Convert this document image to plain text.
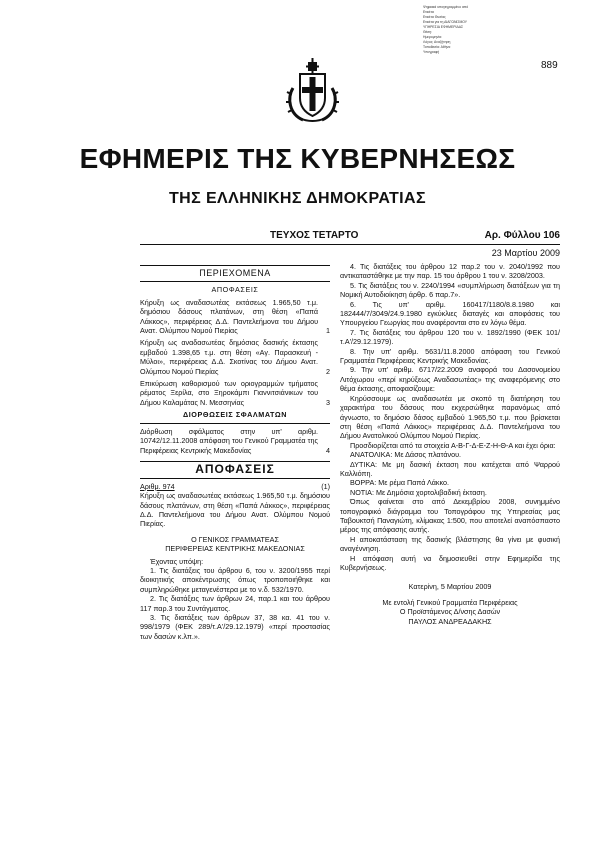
Ψηφιακά υπογεγραμμένο από
Ετικέτα
Ετικέτα Θυσίας
Ετικέτα για τη ΔΙΑΓΩΝΙΣΜΟΥ
ΥΠΗΡΕΣΙΑ ΕΦΗΜΕΡΙΔΑΣ
Θέση:
Ημερομηνία:
Λόγος: Αναζήτηση
Τοποθεσία: Αθήνα
Υπογραφή
889
ΕΦΗΜΕΡΙΣ ΤΗΣ ΚΥΒΕΡΝΗΣΕΩΣ
ΤΗΣ ΕΛΛΗΝΙΚΗΣ ΔΗΜΟΚΡΑΤΙΑΣ
ΤΕΥΧΟΣ ΤΕΤΑΡΤΟ	Αρ. Φύλλου 106
23 Μαρτίου 2009
ΠΕΡΙΕΧΟΜΕΝΑ
ΑΠΟΦΑΣΕΙΣ
Κήρυξη ως αναδασωτέας εκτάσεως 1.965,50 τ.μ. δημόσιου δάσους πλατάνων, στη θέση «Παπά Λάκκος», περιφέρειας Δ.Δ. Παντελεήμονα του Δήμου Ανατ. Ολύμπου Νομού Πιερίας	1
Κήρυξη ως αναδασωτέας δημόσιας δασικής έκτασης εμβαδού 1.398,65 τ.μ. στη θέση «Αγ. Παρασκευή - Μύλοι», περιφέρειας Δ.Δ. Σκοτίνας του Δήμου Ανατ. Ολύμπου Νομού Πιερίας	2
Επικύρωση καθορισμού των οριογραμμών τμήματος ρέματος Ξερίλα, στο Ξηροκάμπι Γιαννιτσιάνικων του Δήμου Καλαμάτας Ν. Μεσσηνίας	3
ΔΙΟΡΘΩΣΕΙΣ ΣΦΑΛΜΑΤΩΝ
Διόρθωση σφάλματος στην υπ' αριθμ. 10742/12.11.2008 απόφαση του Γενικού Γραμματέα της Περιφέρειας Κεντρικής Μακεδονίας	4
ΑΠΟΦΑΣΕΙΣ
Αριθμ. 974	(1)
Κήρυξη ως αναδασωτέας εκτάσεως 1.965,50 τ.μ. δημόσιου δάσους πλατάνων, στη θέση «Παπά Λάκκος», περιφέρειας Δ.Δ. Παντελεήμονα του Δήμου Ανατ. Ολύμπου Νομού Πιερίας.
Ο ΓΕΝΙΚΟΣ ΓΡΑΜΜΑΤΕΑΣ
ΠΕΡΙΦΕΡΕΙΑΣ ΚΕΝΤΡΙΚΗΣ ΜΑΚΕΔΟΝΙΑΣ
Έχοντας υπόψη:
1. Τις διατάξεις του άρθρου 6, του ν. 3200/1955 περί διοικητικής αποκέντρωσης όπως τροποποιήθηκε και συμπληρώθηκε μεταγενέστερα με το ν.δ. 532/1970.
2. Τις διατάξεις των άρθρων 24, παρ.1 και του άρθρου 117 παρ.3 του Συντάγματος.
3. Τις διατάξεις των άρθρων 37, 38 κα. 41 του ν. 998/1979 (ΦΕΚ 289/τ.Α'/29.12.1979) «περί προστασίας των δασών κ.λπ.».
4. Τις διατάξεις του άρθρου 12 παρ.2 του ν. 2040/1992 που αντικαταστάθηκε με την παρ. 15 του άρθρου 1 του ν. 3208/2003.
5. Τις διατάξεις του ν. 2240/1994 «συμπλήρωση διατάξεων για τη Νομική Αυτοδιοίκηση άρθρ. 6 παρ.7».
6. Τις υπ' αριθμ. 160417/1180/8.8.1980 και 182444/7/3049/24.9.1980 εγκύκλιες διαταγές και αποφάσεις του Υπουργείου Γεωργίας που αναφέρονται στο εν λόγω θέμα.
7. Τις διατάξεις του άρθρου 120 του ν. 1892/1990 (ΦΕΚ 101/τ.Α'/29.12.1979).
8. Την υπ' αριθμ. 5631/11.8.2000 απόφαση του Γενικού Γραμματέα Περιφέρειας Κεντρικής Μακεδονίας.
9. Την υπ' αριθμ. 6717/22.2009 αναφορά του Δασονομείου Λιτόχωρου «περί κηρύξεως Αναδασωτέας» της αναφερόμενης στο θέμα έκτασης, αποφασίζουμε:
Κηρύσσουμε ως αναδασωτέα με σκοπό τη διατήρηση του χαρακτήρα του δάσους που εκχερσώθηκε παρανόμως από άγνωστο, το δημόσιο δάσος εμβαδού 1.965,50 τ.μ. που βρίσκεται στη θέση «Παπά Λάκκος» περιφέρειας Δ.Δ. Παντελεήμονα του Δήμου Ανατολικού Ολύμπου Νομού Πιερίας.
Προσδιορίζεται από τα στοιχεία Α-Β-Γ-Δ-Ε-Ζ-Η-Θ-Α και έχει όρια:
ΑΝΑΤΟΛΙΚΑ: Με Δάσος πλατάνου.
ΔΥΤΙΚΑ: Με μη δασική έκταση που κατέχεται από Ψαρρού Καλλιόπη.
ΒΟΡΡΑ: Με ρέμα Παπά Λάκκο.
ΝΟΤΙΑ: Με Δημόσια χορτολιβαδική έκταση.
Όπως φαίνεται στο από Δεκεμβρίου 2008, συνημμένο τοπογραφικό διάγραμμα του Τοπογράφου της Υπηρεσίας μας Ταβουκτσή Παναγιώτη, κλίμακας 1:500, που αποτελεί αναπόσπαστο μέρος της απόφασης αυτής.
Η αποκατάσταση της δασικής βλάστησης θα γίνει με φυσική αναγέννηση.
Η απόφαση αυτή να δημοσιευθεί στην Εφημερίδα της Κυβερνήσεως.
Κατερίνη, 5 Μαρτίου 2009
Με εντολή Γενικού Γραμματέα Περιφέρειας
Ο Προϊστάμενος Δ/νσης Δασών
ΠΑΥΛΟΣ ΑΝΔΡΕΑΔΑΚΗΣ
